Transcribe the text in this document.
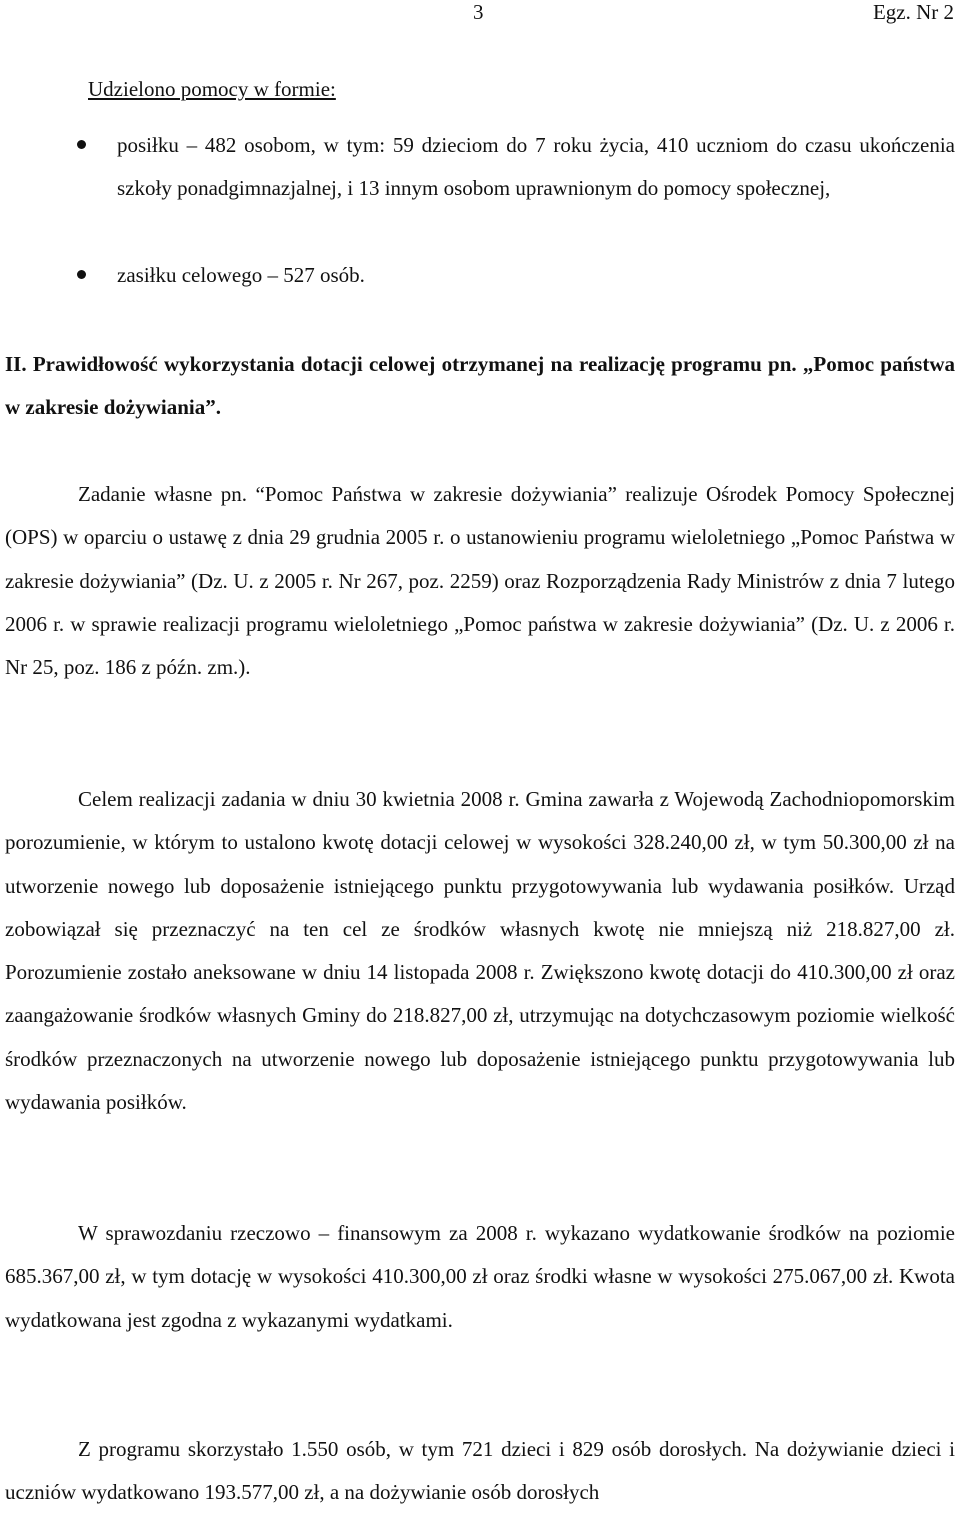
3	Egz. Nr 2
Udzielono pomocy w formie:
posiłku – 482 osobom, w tym: 59 dzieciom do 7 roku życia, 410 uczniom do czasu ukończenia szkoły ponadgimnazjalnej, i 13 innym osobom uprawnionym do pomocy społecznej,
zasiłku celowego – 527 osób.
II. Prawidłowość wykorzystania dotacji celowej otrzymanej na realizację programu pn. „Pomoc państwa w zakresie dożywiania”.
Zadanie własne pn. “Pomoc Państwa w zakresie dożywiania” realizuje Ośrodek Pomocy Społecznej (OPS) w oparciu o ustawę z dnia 29 grudnia 2005 r. o ustanowieniu programu wieloletniego „Pomoc Państwa w zakresie dożywiania” (Dz. U. z 2005 r. Nr 267, poz. 2259) oraz Rozporządzenia Rady Ministrów z dnia 7 lutego 2006 r. w sprawie realizacji programu wieloletniego „Pomoc państwa w zakresie dożywiania” (Dz. U. z 2006 r. Nr 25, poz. 186 z późn. zm.).
Celem realizacji zadania w dniu 30 kwietnia 2008 r. Gmina zawarła z Wojewodą Zachodniopomorskim porozumienie, w którym to ustalono kwotę dotacji celowej w wysokości 328.240,00 zł, w tym 50.300,00 zł na utworzenie nowego lub doposażenie istniejącego punktu przygotowywania lub wydawania posiłków. Urząd zobowiązał się przeznaczyć na ten cel ze środków własnych kwotę nie mniejszą niż 218.827,00 zł. Porozumienie zostało aneksowane w dniu 14 listopada 2008 r. Zwiększono kwotę dotacji do 410.300,00 zł oraz zaangażowanie środków własnych Gminy do 218.827,00 zł, utrzymując na dotychczasowym poziomie wielkość środków przeznaczonych na utworzenie nowego lub doposażenie istniejącego punktu przygotowywania lub wydawania posiłków.
W sprawozdaniu rzeczowo – finansowym za 2008 r. wykazano wydatkowanie środków na poziomie 685.367,00 zł, w tym dotację w wysokości 410.300,00 zł oraz środki własne w wysokości 275.067,00 zł. Kwota wydatkowana jest zgodna z wykazanymi wydatkami.
Z programu skorzystało 1.550 osób, w tym 721 dzieci i 829 osób dorosłych. Na dożywianie dzieci i uczniów wydatkowano 193.577,00 zł, a na dożywianie osób dorosłych
